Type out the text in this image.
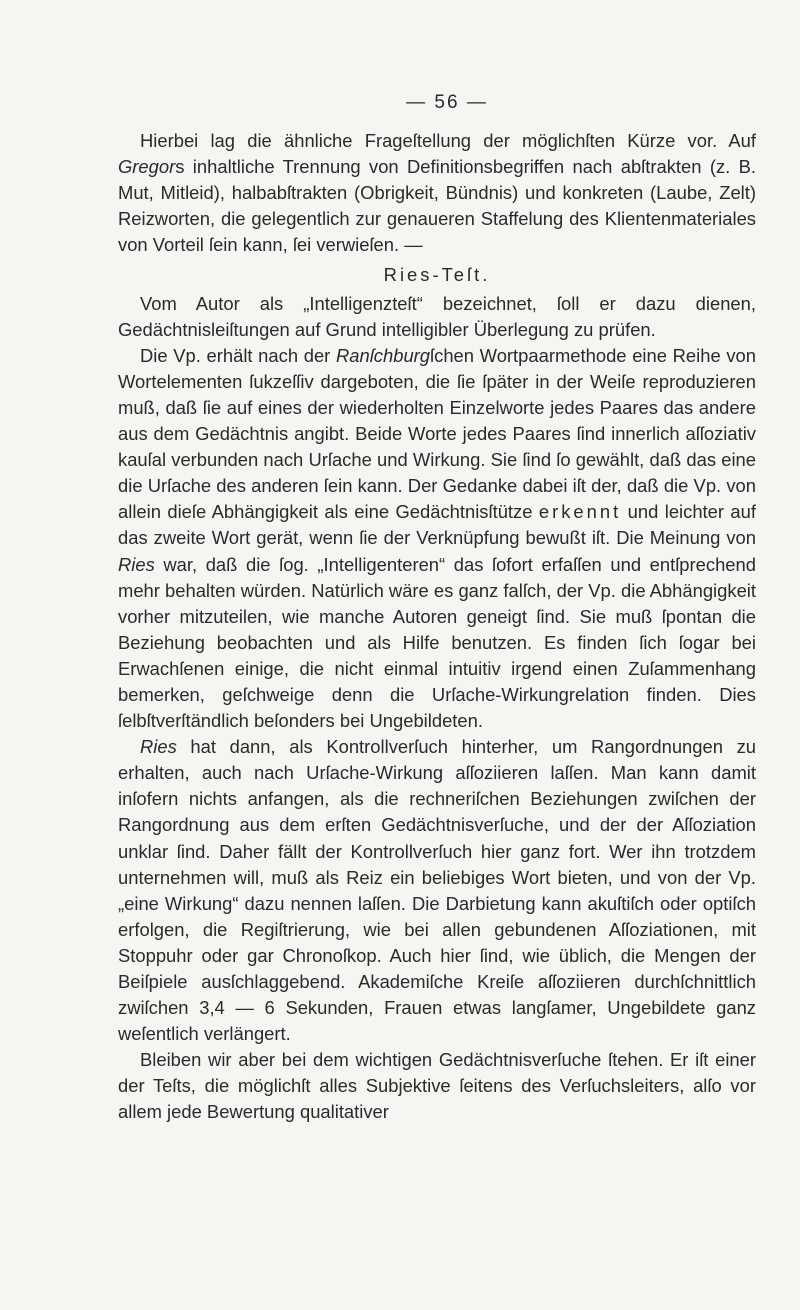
— 56 —

Hierbei lag die ähnliche Frageſtellung der möglichſten Kürze vor. Auf Gregors inhaltliche Trennung von Definitionsbegriffen nach abſtrakten (z. B. Mut, Mitleid), halbabſtrakten (Obrigkeit, Bündnis) und konkreten (Laube, Zelt) Reizworten, die gelegentlich zur genaueren Staffelung des Klientenmateriales von Vorteil ſein kann, ſei verwieſen. —

Ries-Teſt.

Vom Autor als „Intelligenzteſt“ bezeichnet, ſoll er dazu dienen, Gedächtnisleiſtungen auf Grund intelligibler Überlegung zu prüfen.

Die Vp. erhält nach der Ranſchburgſchen Wortpaarmethode eine Reihe von Wortelementen ſukzeſſiv dargeboten, die ſie ſpäter in der Weiſe reproduzieren muß, daß ſie auf eines der wiederholten Einzelworte jedes Paares das andere aus dem Gedächtnis angibt. Beide Worte jedes Paares ſind innerlich aſſoziativ kauſal verbunden nach Urſache und Wirkung. Sie ſind ſo gewählt, daß das eine die Urſache des anderen ſein kann. Der Gedanke dabei iſt der, daß die Vp. von allein dieſe Abhängigkeit als eine Gedächtnisſtütze erkennt und leichter auf das zweite Wort gerät, wenn ſie der Verknüpfung bewußt iſt. Die Meinung von Ries war, daß die ſog. „Intelligenteren“ das ſofort erfaſſen und entſprechend mehr behalten würden. Natürlich wäre es ganz falſch, der Vp. die Abhängigkeit vorher mitzuteilen, wie manche Autoren geneigt ſind. Sie muß ſpontan die Beziehung beobachten und als Hilfe benutzen. Es finden ſich ſogar bei Erwachſenen einige, die nicht einmal intuitiv irgend einen Zuſammenhang bemerken, geſchweige denn die Urſache-Wirkungrelation finden. Dies ſelbſtverſtändlich beſonders bei Ungebildeten.

Ries hat dann, als Kontrollverſuch hinterher, um Rangordnungen zu erhalten, auch nach Urſache-Wirkung aſſoziieren laſſen. Man kann damit inſofern nichts anfangen, als die rechneriſchen Beziehungen zwiſchen der Rangordnung aus dem erſten Gedächtnisverſuche, und der der Aſſoziation unklar ſind. Daher fällt der Kontrollverſuch hier ganz fort. Wer ihn trotzdem unternehmen will, muß als Reiz ein beliebiges Wort bieten, und von der Vp. „eine Wirkung“ dazu nennen laſſen. Die Darbietung kann akuſtiſch oder optiſch erfolgen, die Regiſtrierung, wie bei allen gebundenen Aſſoziationen, mit Stoppuhr oder gar Chronoſkop. Auch hier ſind, wie üblich, die Mengen der Beiſpiele ausſchlaggebend. Akademiſche Kreiſe aſſoziieren durchſchnittlich zwiſchen 3,4 — 6 Sekunden, Frauen etwas langſamer, Ungebildete ganz weſentlich verlängert.

Bleiben wir aber bei dem wichtigen Gedächtnisverſuche ſtehen. Er iſt einer der Teſts, die möglichſt alles Subjektive ſeitens des Verſuchsleiters, alſo vor allem jede Bewertung qualitativer
